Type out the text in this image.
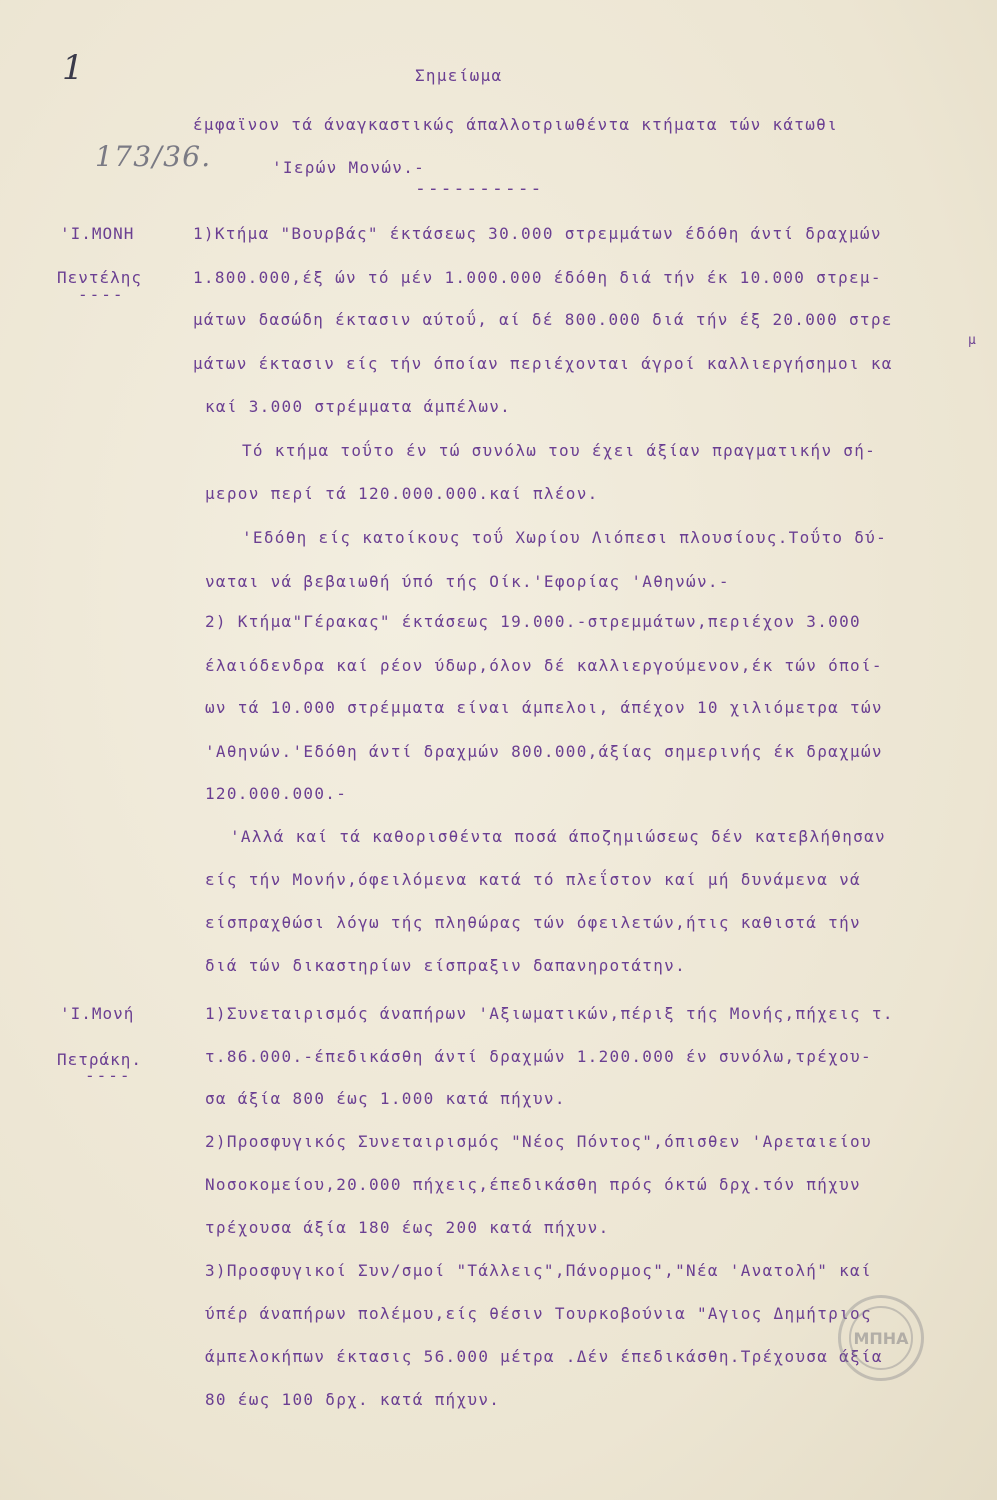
1
173/36.
Σημείωμα
έμφαϊνον τά άναγκαστικώς άπαλλοτριωθέντα κτήματα τών κάτωθι
'Ιερών Μονών.-
----------
'Ι.ΜΟΝΗ
Πεντέλης
----
1)Κτήμα "Βουρβάς" έκτάσεως 30.000 στρεμμάτων έδόθη άντί δραχμών
1.800.000,έξ ών τό μέν 1.000.000 έδόθη διά τήν έκ 10.000 στρεμ-
μάτων δασώδη έκτασιν αύτοΰ, αί δέ 800.000 διά τήν έξ 20.000 στρε
μ
μάτων έκτασιν είς τήν όποίαν περιέχονται άγροί καλλιεργήσημοι κα
καί 3.000 στρέμματα άμπέλων.
Τό κτήμα τοΰτο έν τώ συνόλω του έχει άξίαν πραγματικήν σή-
μερον περί τά 120.000.000.καί πλέον.
'Εδόθη είς κατοίκους τοΰ Χωρίου Λιόπεσι πλουσίους.Τοΰτο δύ-
ναται νά βεβαιωθή ύπό τής Οίκ.'Εφορίας 'Αθηνών.-
2) Κτήμα"Γέρακας" έκτάσεως 19.000.-στρεμμάτων,περιέχον 3.000
έλαιόδενδρα καί ρέον ύδωρ,όλον δέ καλλιεργούμενον,έκ τών όποί-
ων τά 10.000 στρέμματα είναι άμπελοι, άπέχον 10 χιλιόμετρα τών
'Αθηνών.'Εδόθη άντί δραχμών 800.000,άξίας σημερινής έκ δραχμών
120.000.000.-
'Αλλά καί τά καθορισθέντα ποσά άποζημιώσεως δέν κατεβλήθησαν
είς τήν Μονήν,όφειλόμενα κατά τό πλεΐστον καί μή δυνάμενα νά
είσπραχθώσι λόγω τής πληθώρας τών όφειλετών,ήτις καθιστά τήν
διά τών δικαστηρίων είσπραξιν δαπανηροτάτην.
'Ι.Μονή
Πετράκη.
----
1)Συνεταιρισμός άναπήρων 'Αξιωματικών,πέριξ τής Μονής,πήχεις τ.
τ.86.000.-έπεδικάσθη άντί δραχμών 1.200.000 έν συνόλω,τρέχου-
σα άξία 800 έως 1.000 κατά πήχυν.
2)Προσφυγικός Συνεταιρισμός "Νέος Πόντος",όπισθεν 'Αρεταιείου
Νοσοκομείου,20.000 πήχεις,έπεδικάσθη πρός όκτώ δρχ.τόν πήχυν
τρέχουσα άξία 180 έως 200 κατά πήχυν.
3)Προσφυγικοί Συν/σμοί "Τάλλεις",Πάνορμος","Νέα 'Ανατολή" καί
ύπέρ άναπήρων πολέμου,είς θέσιν Τουρκοβούνια "Αγιος Δημήτριος
άμπελοκήπων έκτασις 56.000 μέτρα .Δέν έπεδικάσθη.Τρέχουσα άξία
80 έως 100 δρχ. κατά πήχυν.
ΜΠΗΑ
